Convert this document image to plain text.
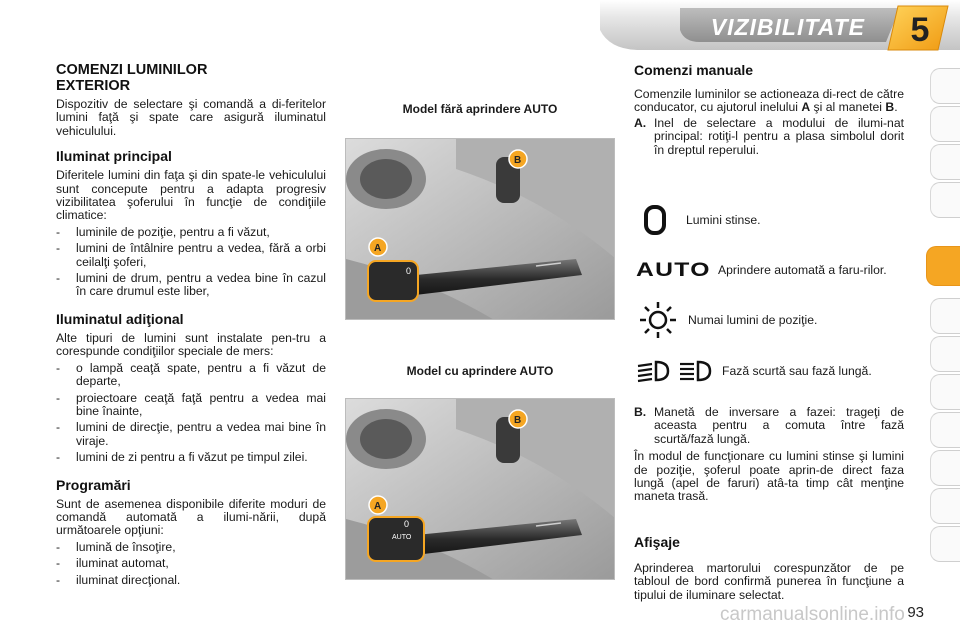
VIZIBILITATE	5
COMENZI LUMINILOR EXTERIOR

Dispozitiv de selectare şi comandă a di-feritelor lumini faţă şi spate care asigură iluminatul vehiculului.

Iluminat principal

Diferitele lumini din faţa şi din spate-le vehiculului sunt concepute pentru a adapta progresiv vizibilitatea şoferului în funcţie de condiţiile climatice:

-	luminile de poziţie, pentru a fi văzut,
-	lumini de întâlnire pentru a vedea, fără a orbi ceilalţi şoferi,
-	lumini de drum, pentru a vedea bine în cazul în care drumul este liber,
Iluminatul adiţional

Alte tipuri de lumini sunt instalate pen-tru a corespunde condiţiilor speciale de mers:

-	o lampă ceaţă spate, pentru a fi văzut de departe,
-	proiectoare ceaţă faţă pentru a vedea mai bine înainte,
-	lumini de direcţie, pentru a vedea mai bine în viraje.
-	lumini de zi pentru a fi văzut pe timpul zilei.
Programări

Sunt de asemenea disponibile diferite moduri de comandă automată a ilumi-nării, după următoarele opţiuni:

-	lumină de însoţire,
-	iluminat automat,
-	iluminat direcţional.
Model fără aprindere AUTO
0
A
B
Model cu aprindere AUTO
0
AUTO
A
B
Comenzi manuale

Comenzile luminilor se actioneaza di-rect de către conducator, cu ajutorul inelului A şi al manetei B.

A. Inel de selectare a modului de ilumi-nat principal: rotiţi-l pentru a plasa simbolul dorit în dreptul reperului.
Lumini stinse.
AUTO Aprindere automată a faru-rilor.
Numai lumini de poziţie.
Fază scurtă sau fază lungă.
B. Manetă de inversare a fazei: trageţi de aceasta pentru a comuta între fază scurtă/fază lungă.

În modul de funcţionare cu lumini stinse şi lumini de poziţie, şoferul poate aprin-de direct faza lungă (apel de faruri) atâ-ta timp cât menţine maneta trasă.

Afişaje

Aprinderea martorului corespunzător de pe tabloul de bord confirmă punerea în funcţiune a tipului de iluminare selectat.

carmanualsonline.info 93
